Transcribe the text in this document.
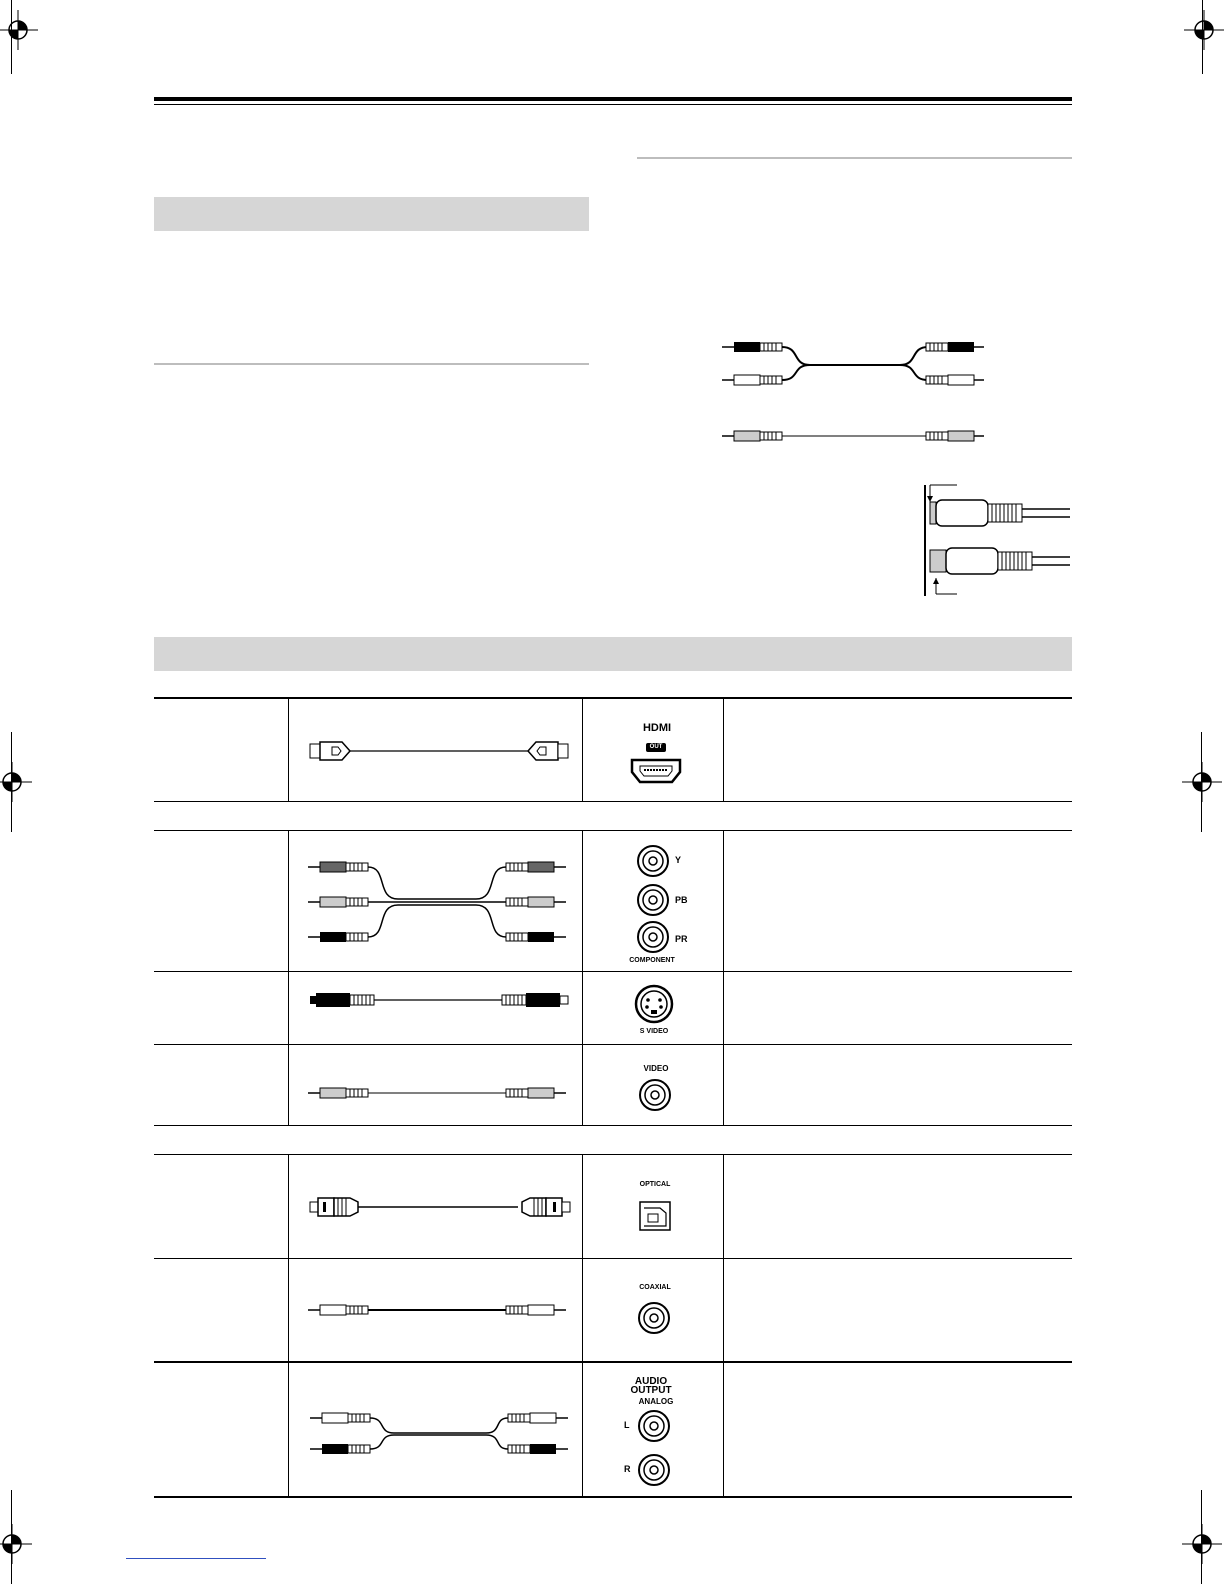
HDMI
OUT
Y
PB
PR
COMPONENT
S VIDEO
VIDEO
OPTICAL
COAXIAL
AUDIO
OUTPUT
ANALOG
L
R
